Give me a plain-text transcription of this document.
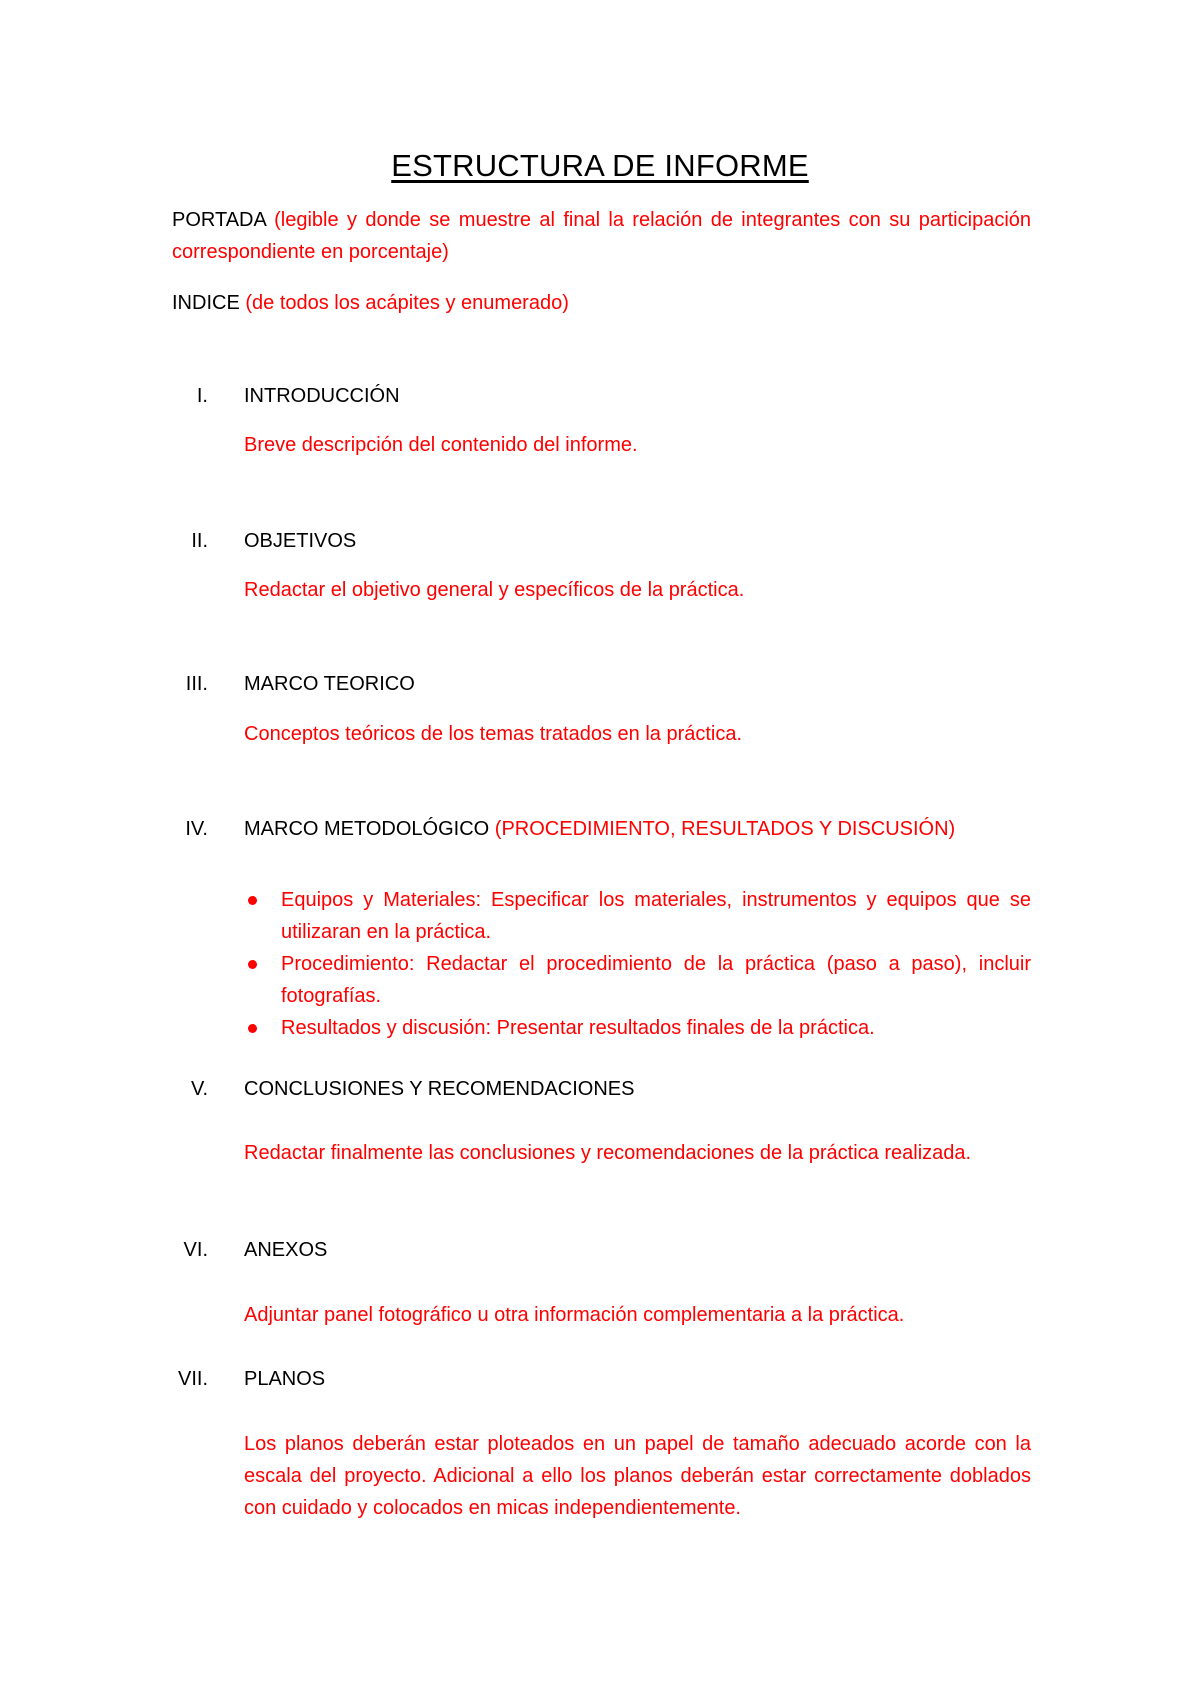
ESTRUCTURA DE INFORME
PORTADA (legible y donde se muestre al final la relación de integrantes con su participación correspondiente en porcentaje)
INDICE (de todos los acápites y enumerado)
I. INTRODUCCIÓN
Breve descripción del contenido del informe.
II. OBJETIVOS
Redactar el objetivo general y específicos de la práctica.
III. MARCO TEORICO
Conceptos teóricos de los temas tratados en la práctica.
IV. MARCO METODOLÓGICO (PROCEDIMIENTO, RESULTADOS Y DISCUSIÓN)
Equipos y Materiales: Especificar los materiales, instrumentos y equipos que se utilizaran en la práctica.
Procedimiento: Redactar el procedimiento de la práctica (paso a paso), incluir fotografías.
Resultados y discusión: Presentar resultados finales de la práctica.
V. CONCLUSIONES Y RECOMENDACIONES
Redactar finalmente las conclusiones y recomendaciones de la práctica realizada.
VI. ANEXOS
Adjuntar panel fotográfico u otra información complementaria a la práctica.
VII. PLANOS
Los planos deberán estar ploteados en un papel de tamaño adecuado acorde con la escala del proyecto. Adicional a ello los planos deberán estar correctamente doblados con cuidado y colocados en micas independientemente.
